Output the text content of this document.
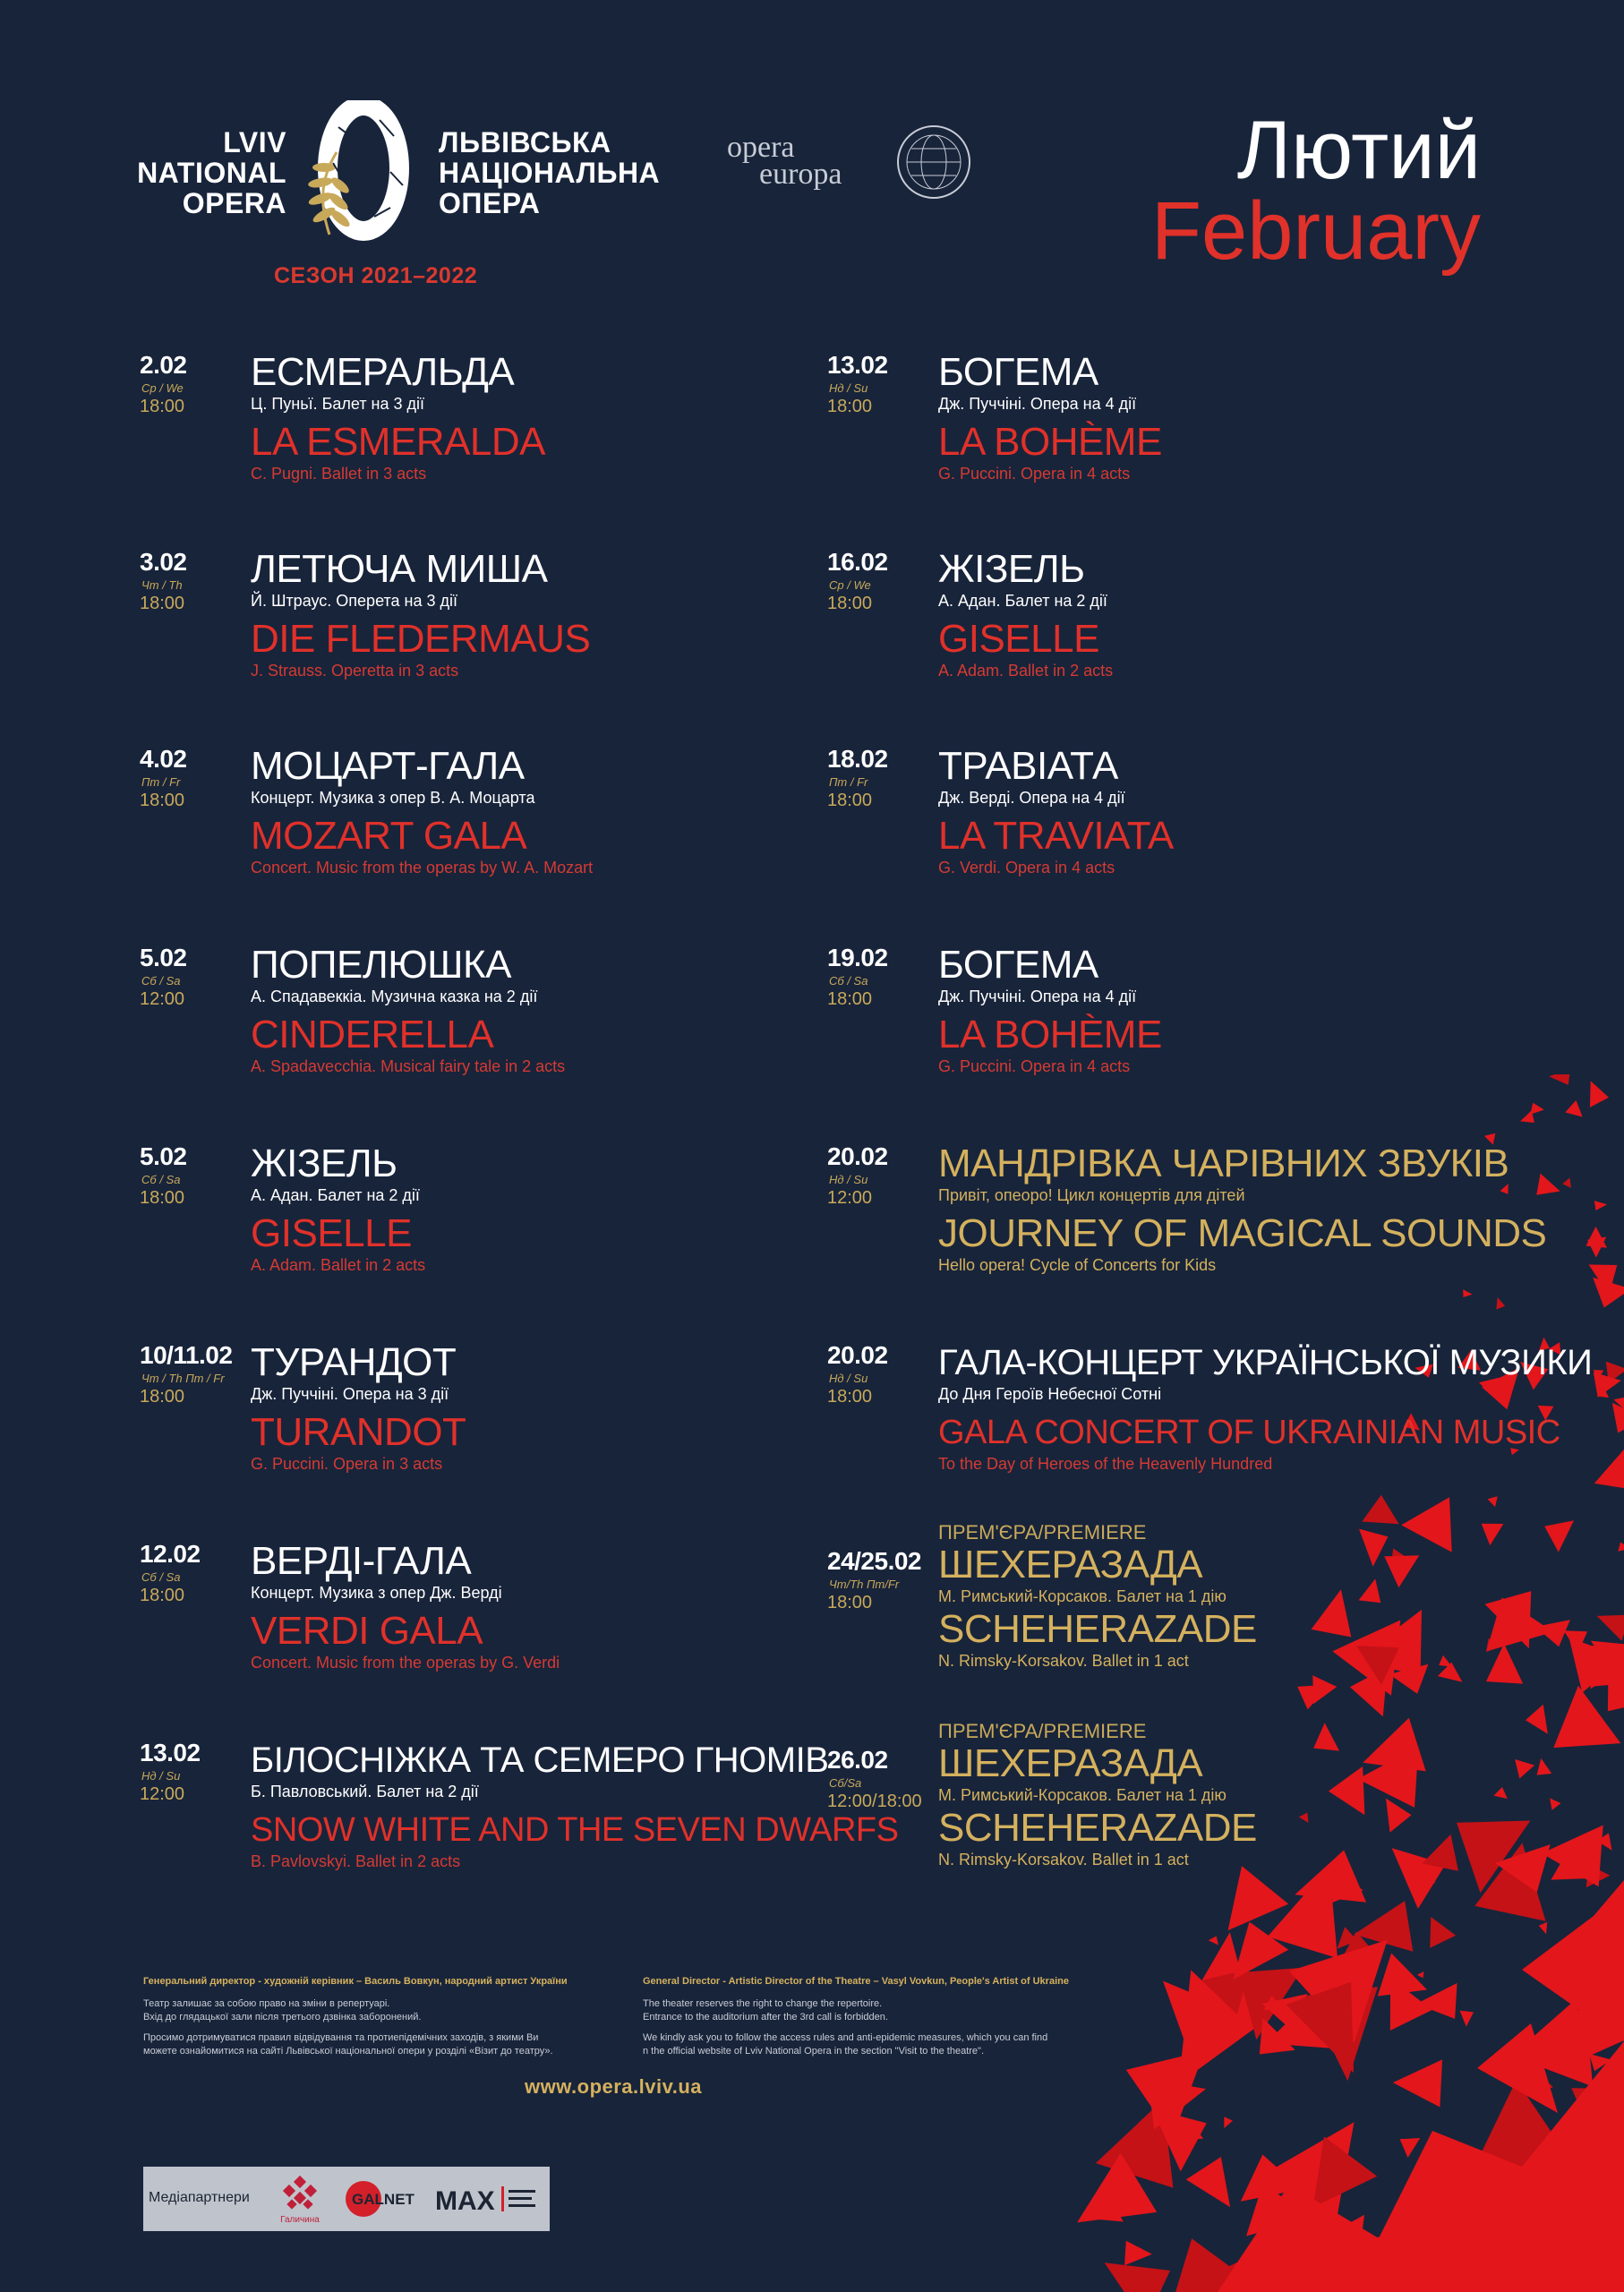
LVIV
NATIONAL
OPERA
ЛЬВІВСЬКА
НАЦІОНАЛЬНА
ОПЕРА
СЕЗОН 2021–2022
opera
europa	Лютий
February
2.02
Ср / We
18:00
ЕСМЕРАЛЬДА
Ц. Пуньї. Балет на 3 дії
LA ESMERALDA
C. Pugni. Ballet in 3 acts
3.02
Чт / Th
18:00
ЛЕТЮЧА МИША
Й. Штраус. Оперета на 3 дії
DIE FLEDERMAUS
J. Strauss. Operetta in 3 acts
4.02
Пт / Fr
18:00
МОЦАРТ-ГАЛА
Концерт. Музика з опер В. А. Моцарта
MOZART GALA
Concert. Music from the operas by W. A. Mozart
5.02
Сб / Sa
12:00
ПОПЕЛЮШКА
А. Спадавеккіа. Музична казка на 2 дії
CINDERELLA
A. Spadavecchia. Musical fairy tale in 2 acts
5.02
Сб / Sa
18:00
ЖІЗЕЛЬ
А. Адан. Балет на 2 дії
GISELLE
A. Adam. Ballet in 2 acts
10/11.02
Чт / Th Пт / Fr
18:00
ТУРАНДОТ
Дж. Пуччіні. Опера на 3 дії
TURANDOT
G. Puccini. Opera in 3 acts
12.02
Сб / Sa
18:00
ВЕРДІ-ГАЛА
Концерт. Музика з опер Дж. Верді
VERDI GALA
Concert. Music from the operas by G. Verdi
13.02
Нд / Su
12:00
БІЛОСНІЖКА ТА СЕМЕРО ГНОМІВ
Б. Павловський. Балет на 2 дії
SNOW WHITE AND THE SEVEN DWARFS
B. Pavlovskyi. Ballet in 2 acts
13.02
Нд / Su
18:00
БОГЕМА
Дж. Пуччіні. Опера на 4 дії
LA BOHÈME
G. Puccini. Opera in 4 acts
16.02
Ср / We
18:00
ЖІЗЕЛЬ
А. Адан. Балет на 2 дії
GISELLE
A. Adam. Ballet in 2 acts
18.02
Пт / Fr
18:00
ТРАВІАТА
Дж. Верді. Опера на 4 дії
LA TRAVIATA
G. Verdi. Opera in 4 acts
19.02
Сб / Sa
18:00
БОГЕМА
Дж. Пуччіні. Опера на 4 дії
LA BOHÈME
G. Puccini. Opera in 4 acts
20.02
Нд / Su
12:00
МАНДРІВКА ЧАРІВНИХ ЗВУКІВ
Привіт, опеоро! Цикл концертів для дітей
JOURNEY OF MAGICAL SOUNDS
Hello opera! Cycle of Concerts for Kids
20.02
Нд / Su
18:00
ГАЛА-КОНЦЕРТ УКРАЇНСЬКОЇ МУЗИКИ
До Дня Героїв Небесної Сотні
GALA CONCERT OF UKRAINIAN MUSIC
To the Day of Heroes of the Heavenly Hundred
24/25.02
Чт/Th Пт/Fr
18:00
ПРЕМ'ЄРА/PREMIERE
ШЕХЕРАЗАДА
М. Римський-Корсаков. Балет на 1 дію
SCHEHERAZADE
N. Rimsky-Korsakov. Ballet in 1 act
26.02
Сб/Sa
12:00/18:00
ПРЕМ'ЄРА/PREMIERE
ШЕХЕРАЗАДА
М. Римський-Корсаков. Балет на 1 дію
SCHEHERAZADE
N. Rimsky-Korsakov. Ballet in 1 act

Генеральний директор - художній керівник – Василь Вовкун, народний артист України

Театр залишає за собою право на зміни в репертуарі.
Вхід до глядацької зали після третього дзвінка заборонений.

Просимо дотримуватися правил відвідування та протиепідемічних заходів, з якими Ви
можете ознайомитися на сайті Львівської національної опери у розділі «Візит до театру».

General Director - Artistic Director of the Theatre – Vasyl Vovkun, People's Artist of Ukraine

The theater reserves the right to change the repertoire.
Entrance to the auditorium after the 3rd call is forbidden.

We kindly ask you to follow the access rules and anti-epidemic measures, which you can find
n the official website of Lviv National Opera in the section "Visit to the theatre".

www.opera.lviv.ua
Медіапартнери
Галичина
GALNET MAX
